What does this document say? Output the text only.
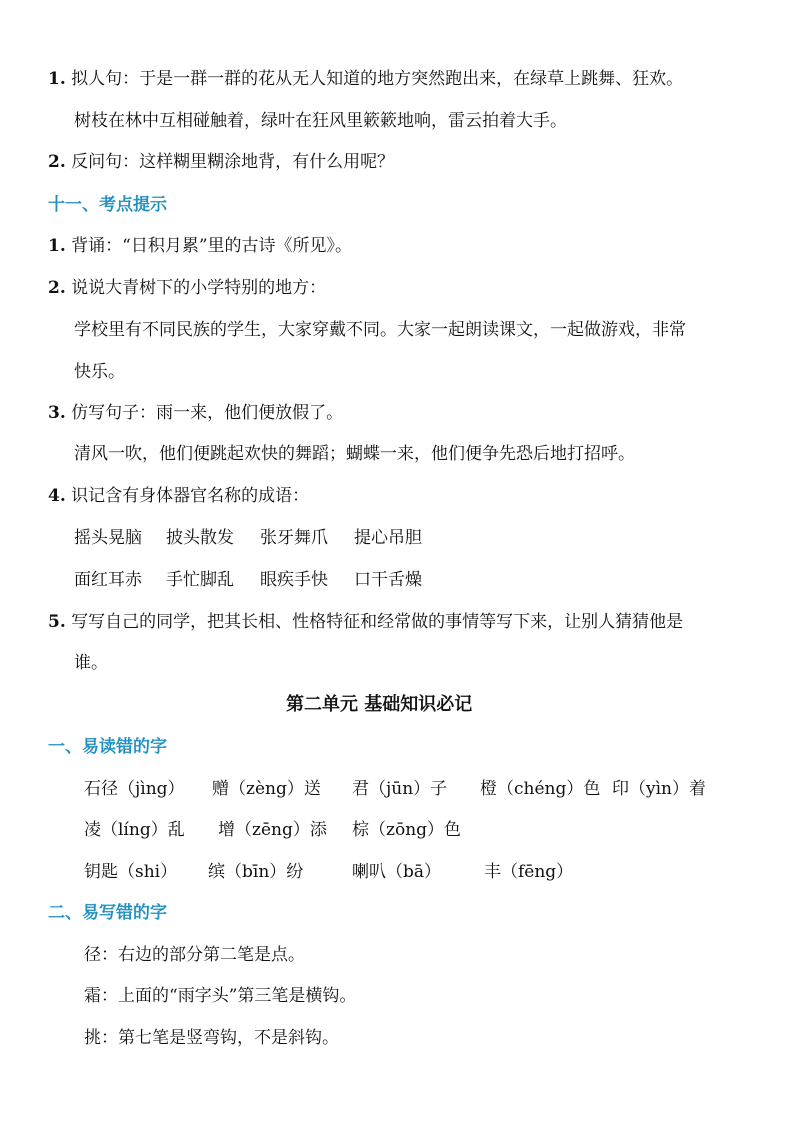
1. 拟人句：于是一群一群的花从无人知道的地方突然跑出来，在绿草上跳舞、狂欢。
树枝在林中互相碰触着，绿叶在狂风里簌簌地响，雷云拍着大手。
2. 反问句：这样糊里糊涂地背，有什么用呢？
十一、考点提示
1. 背诵：“日积月累”里的古诗《所见》。
2. 说说大青树下的小学特别的地方：
学校里有不同民族的学生，大家穿戴不同。大家一起朗读课文，一起做游戏，非常
快乐。
3. 仿写句子：雨一来，他们便放假了。
清风一吹，他们便跳起欢快的舞蹈；蝴蝶一来，他们便争先恐后地打招呼。
4. 识记含有身体器官名称的成语：
摇头晃脑 披头散发 张牙舞爪 提心吊胆
面红耳赤 手忙脚乱 眼疾手快 口干舌燥
5. 写写自己的同学，把其长相、性格特征和经常做的事情等写下来，让别人猜猜他是
谁。
第二单元 基础知识必记
一、易读错的字
石径（jìng） 赠（zèng）送 君（jūn）子 橙（chéng）色 印（yìn）着
凌（líng）乱 增（zēng）添 棕（zōng）色
钥匙（shi） 缤（bīn）纷	喇叭（bā）	丰（fēng）
二、易写错的字
径：右边的部分第二笔是点。
霜：上面的“雨字头”第三笔是横钩。
挑：第七笔是竖弯钩，不是斜钩。
